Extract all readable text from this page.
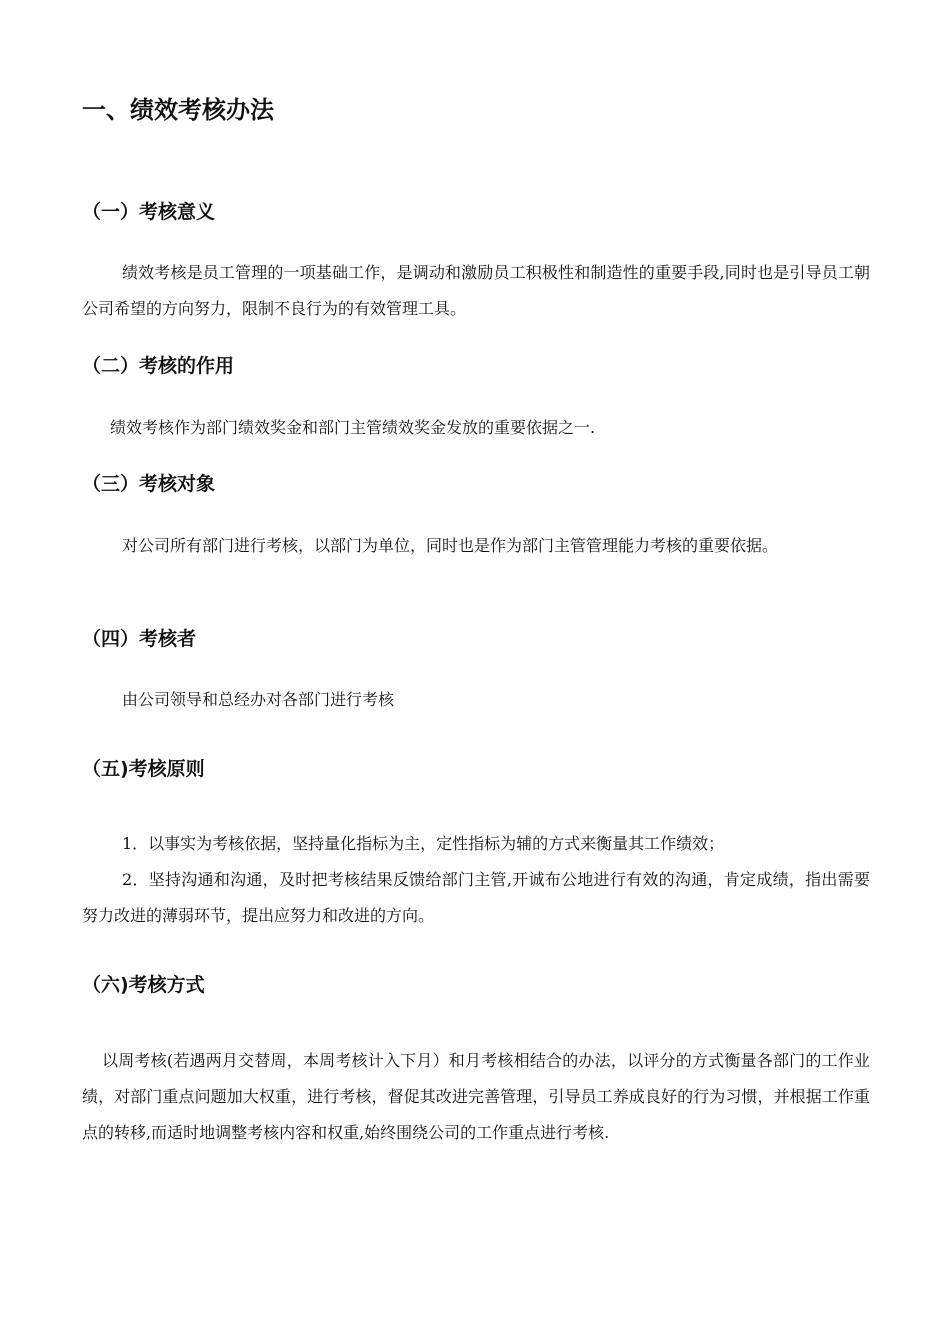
一、绩效考核办法
（一）考核意义

绩效考核是员工管理的一项基础工作，是调动和激励员工积极性和制造性的重要手段,同时也是引导员工朝公司希望的方向努力，限制不良行为的有效管理工具。

（二）考核的作用

绩效考核作为部门绩效奖金和部门主管绩效奖金发放的重要依据之一.

（三）考核对象

对公司所有部门进行考核，以部门为单位，同时也是作为部门主管管理能力考核的重要依据。

（四）考核者

由公司领导和总经办对各部门进行考核

（五)考核原则

1．以事实为考核依据，坚持量化指标为主，定性指标为辅的方式来衡量其工作绩效；

2．坚持沟通和沟通，及时把考核结果反馈给部门主管,开诚布公地进行有效的沟通，肯定成绩，指出需要努力改进的薄弱环节，提出应努力和改进的方向。

（六)考核方式

以周考核(若遇两月交替周，本周考核计入下月）和月考核相结合的办法，以评分的方式衡量各部门的工作业绩，对部门重点问题加大权重，进行考核，督促其改进完善管理，引导员工养成良好的行为习惯，并根据工作重点的转移,而适时地调整考核内容和权重,始终围绕公司的工作重点进行考核.
